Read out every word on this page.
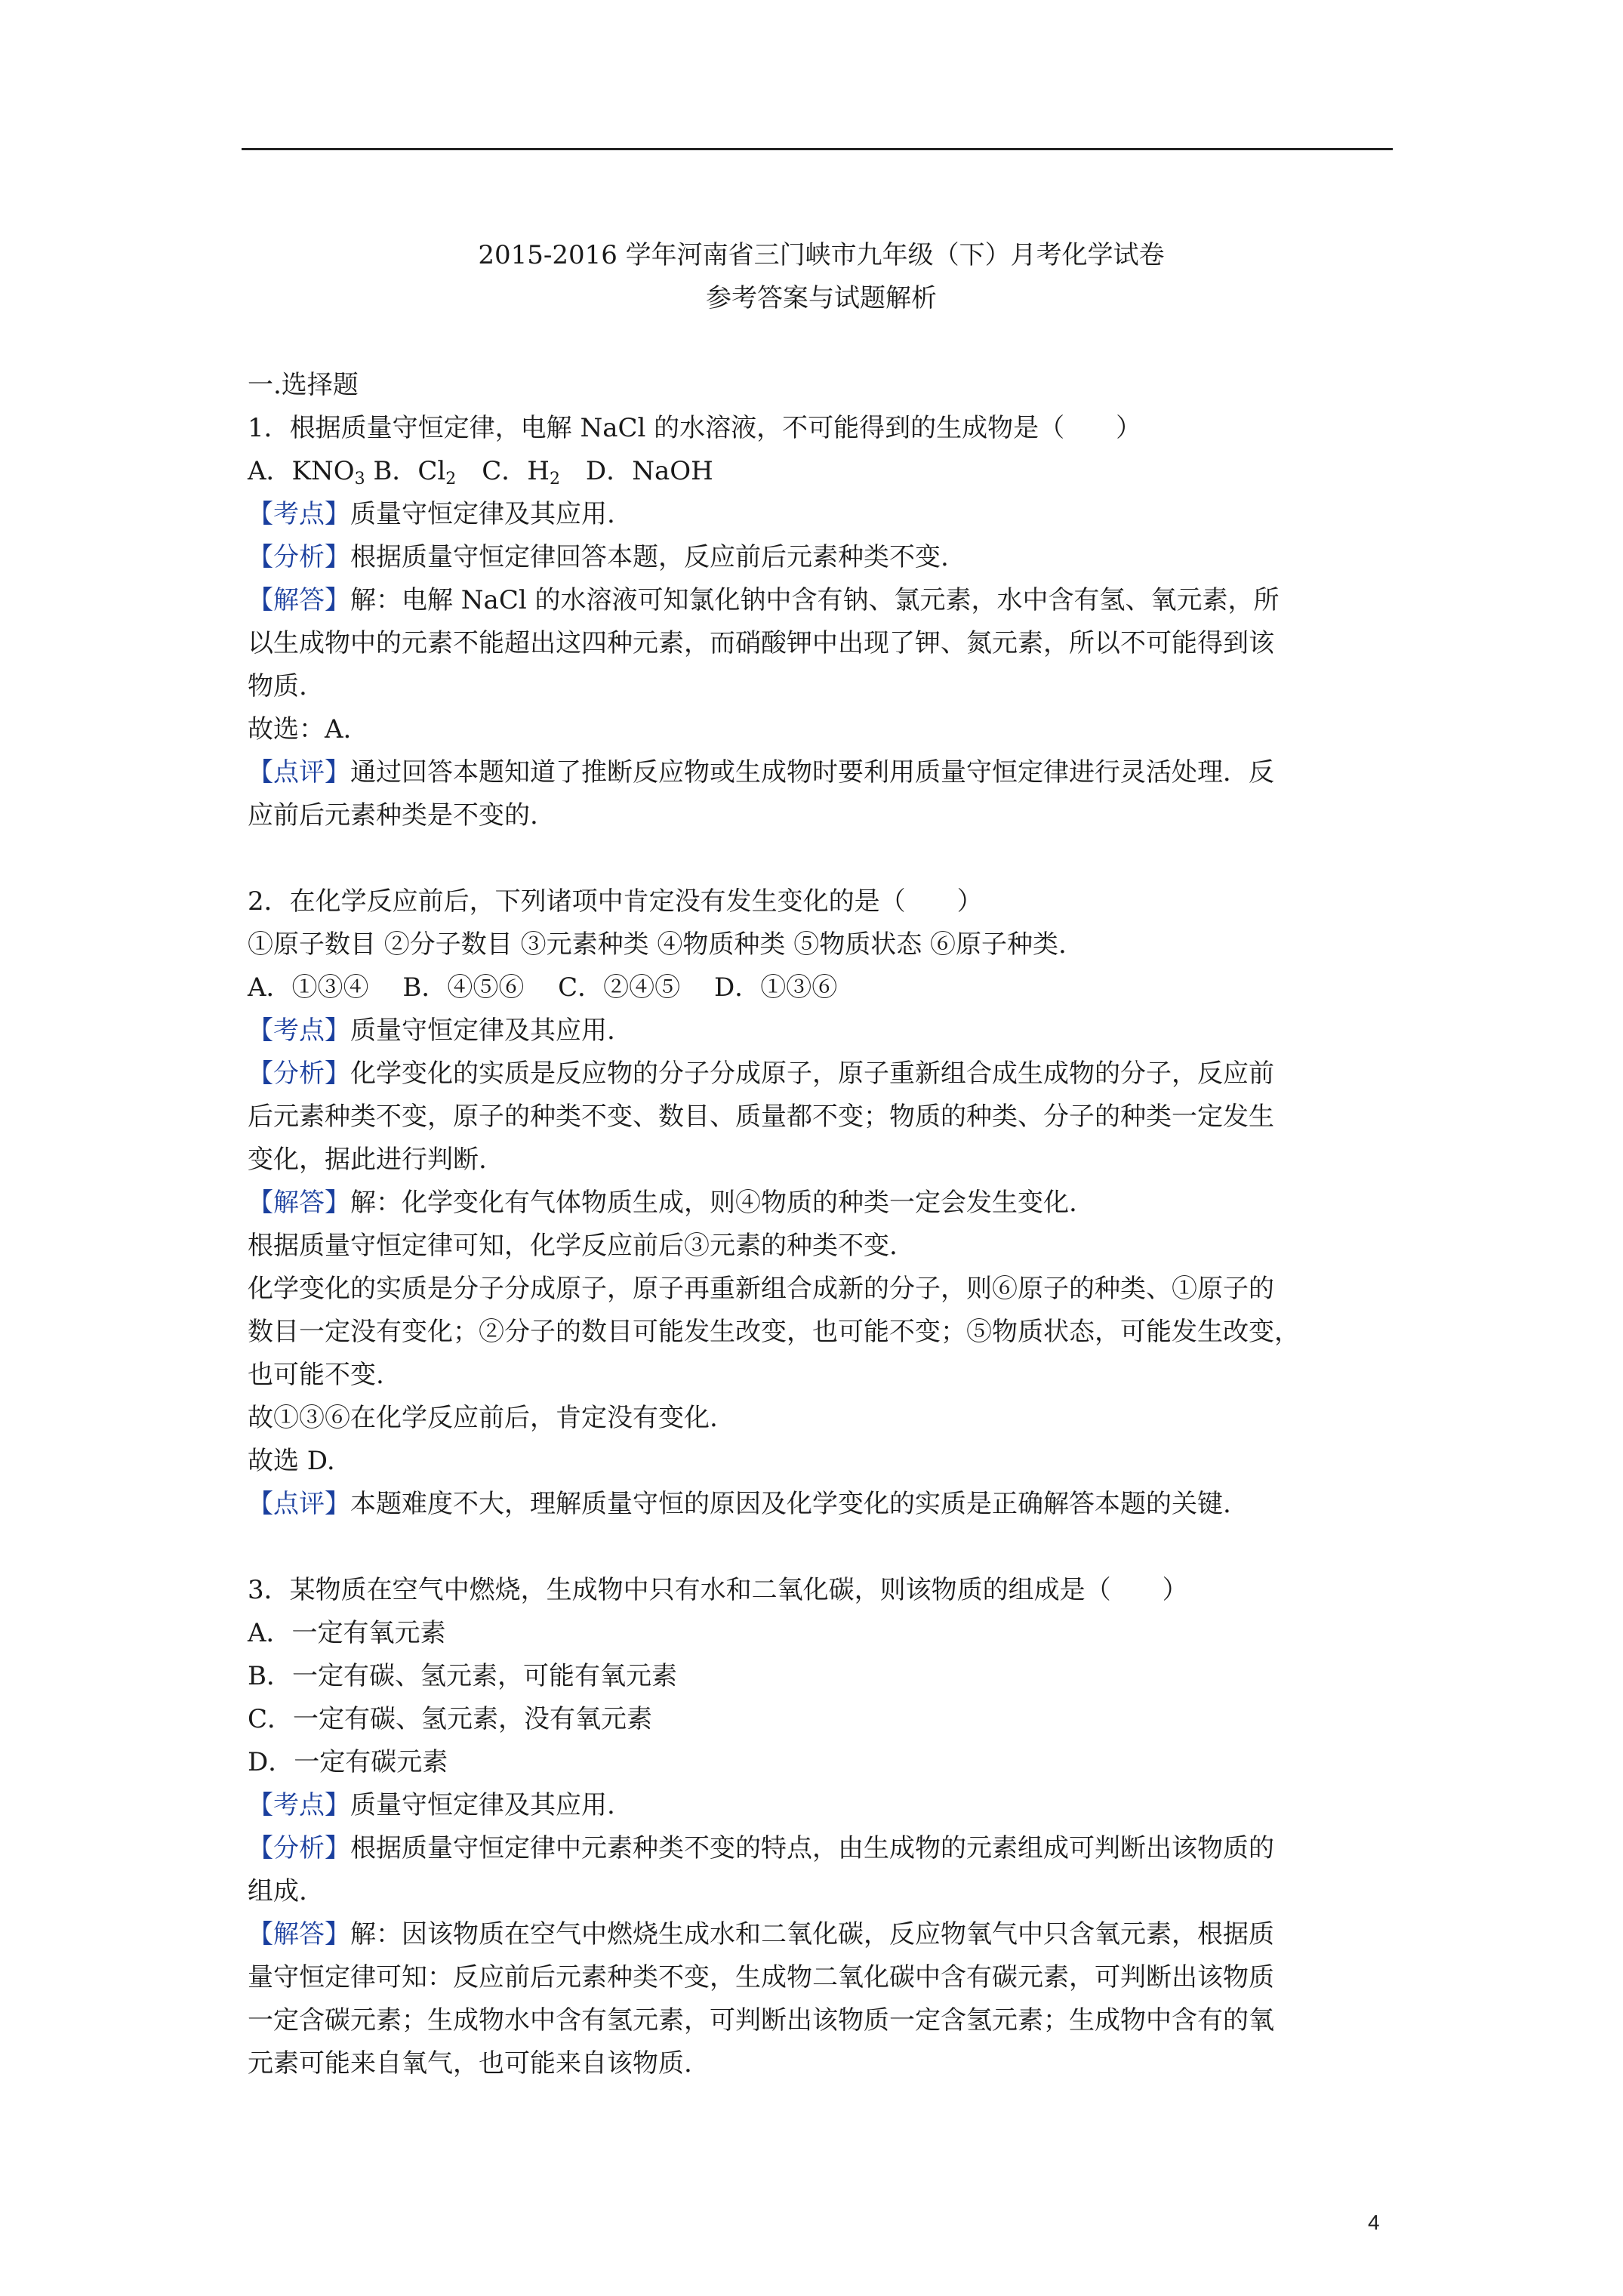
2015-2016 学年河南省三门峡市九年级（下）月考化学试卷
参考答案与试题解析
一.选择题
1．根据质量守恒定律，电解 NaCl 的水溶液，不可能得到的生成物是（　　）
A．$KNO_3$ B．$Cl_2$　C．$H_2$　D．NaOH
【考点】质量守恒定律及其应用.
【分析】根据质量守恒定律回答本题，反应前后元素种类不变.
【解答】解：电解 NaCl 的水溶液可知氯化钠中含有钠、氯元素，水中含有氢、氧元素，所
以生成物中的元素不能超出这四种元素，而硝酸钾中出现了钾、氮元素，所以不可能得到该
物质.
故选：A.
【点评】通过回答本题知道了推断反应物或生成物时要利用质量守恒定律进行灵活处理．反
应前后元素种类是不变的.
2．在化学反应前后，下列诸项中肯定没有发生变化的是（　　）
①原子数目 ②分子数目 ③元素种类 ④物质种类 ⑤物质状态 ⑥原子种类.
A．①③④　 B．④⑤⑥　 C．②④⑤　 D．①③⑥
【考点】质量守恒定律及其应用.
【分析】化学变化的实质是反应物的分子分成原子，原子重新组合成生成物的分子，反应前
后元素种类不变，原子的种类不变、数目、质量都不变；物质的种类、分子的种类一定发生
变化，据此进行判断.
【解答】解：化学变化有气体物质生成，则④物质的种类一定会发生变化.
根据质量守恒定律可知，化学反应前后③元素的种类不变.
化学变化的实质是分子分成原子，原子再重新组合成新的分子，则⑥原子的种类、①原子的
数目一定没有变化；②分子的数目可能发生改变，也可能不变；⑤物质状态，可能发生改变，
也可能不变.
故①③⑥在化学反应前后，肯定没有变化.
故选 D.
【点评】本题难度不大，理解质量守恒的原因及化学变化的实质是正确解答本题的关键.
3．某物质在空气中燃烧，生成物中只有水和二氧化碳，则该物质的组成是（　　）
A．一定有氧元素
B．一定有碳、氢元素，可能有氧元素
C．一定有碳、氢元素，没有氧元素
D．一定有碳元素
【考点】质量守恒定律及其应用.
【分析】根据质量守恒定律中元素种类不变的特点，由生成物的元素组成可判断出该物质的
组成.
【解答】解：因该物质在空气中燃烧生成水和二氧化碳，反应物氧气中只含氧元素，根据质
量守恒定律可知：反应前后元素种类不变，生成物二氧化碳中含有碳元素，可判断出该物质
一定含碳元素；生成物水中含有氢元素，可判断出该物质一定含氢元素；生成物中含有的氧
元素可能来自氧气，也可能来自该物质.
4
